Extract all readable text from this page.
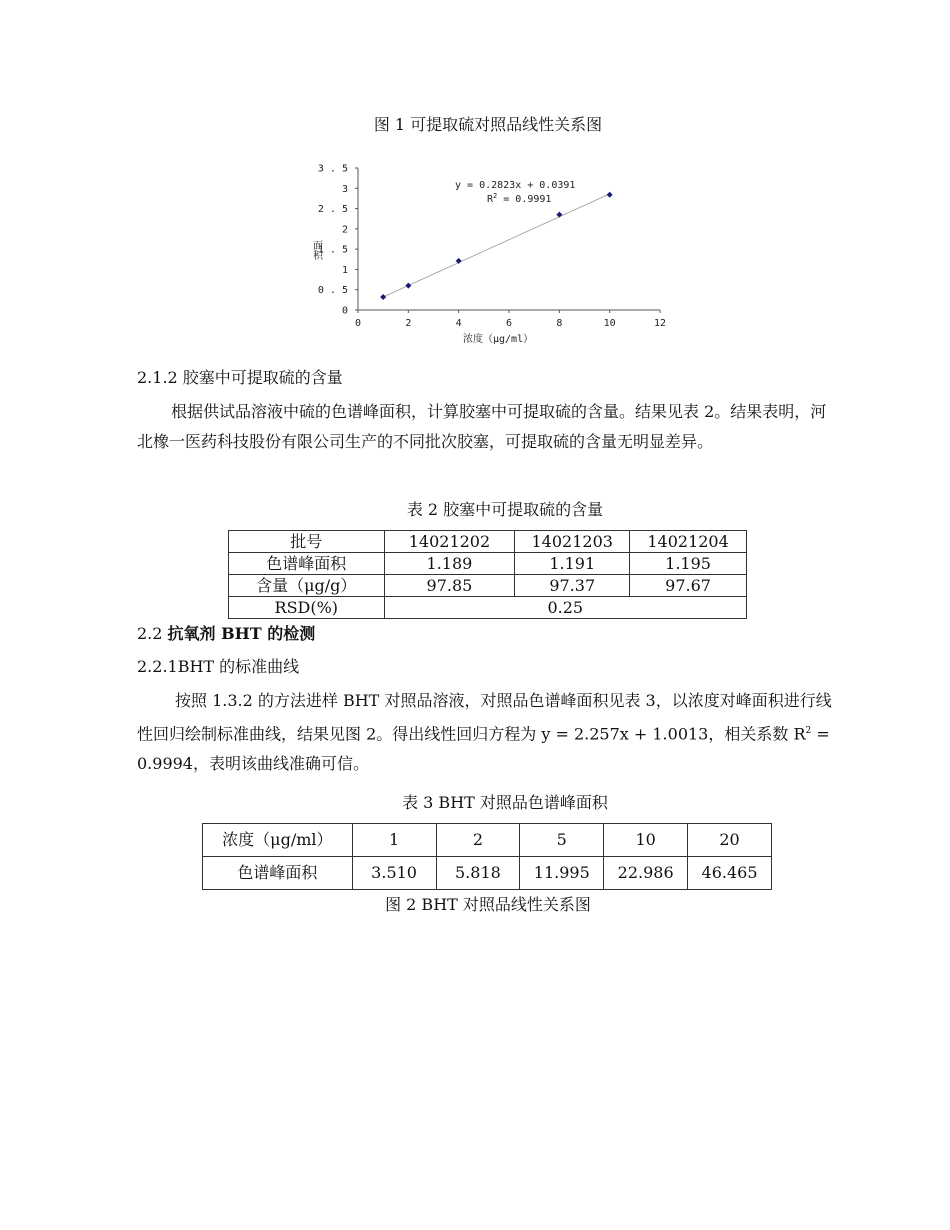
图 1 可提取硫对照品线性关系图
0	2	4	6	8	10	12
0
0 . 5
1
1 . 5
2
2 . 5
3
3 . 5
y = 0.2823x + 0.0391
$R^2 = 0.9991$
面积
浓度（μg/ml）
2.1.2 胶塞中可提取硫的含量
根据供试品溶液中硫的色谱峰面积，计算胶塞中可提取硫的含量。结果见表 2。结果表明，河北橡一医药科技股份有限公司生产的不同批次胶塞，可提取硫的含量无明显差异。
表 2 胶塞中可提取硫的含量
批号	14021202	14021203	14021204
色谱峰面积	1.189	1.191	1.195
含量（μg/g）	97.85	97.37	97.67
RSD(%)	0.25		
2.2 抗氧剂 BHT 的检测
2.2.1BHT 的标准曲线
按照 1.3.2 的方法进样 BHT 对照品溶液，对照品色谱峰面积见表 3，以浓度对峰面积进行线性回归绘制标准曲线，结果见图 2。得出线性回归方程为 y = 2.257x + 1.0013，相关系数 $R^2 = 0.9994$，表明该曲线准确可信。
表 3 BHT 对照品色谱峰面积
浓度（μg/ml）	1	2	5	10	20
色谱峰面积	3.510	5.818	11.995	22.986	46.465
图 2 BHT 对照品线性关系图
